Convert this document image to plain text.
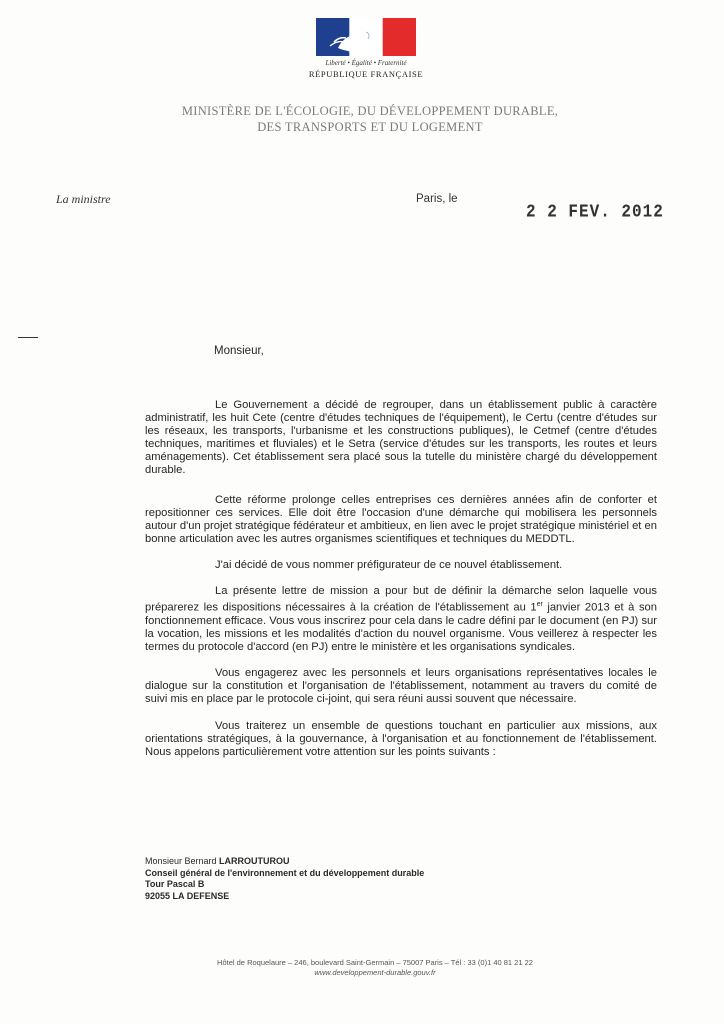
Liberté • Égalité • Fraternité
RÉPUBLIQUE FRANÇAISE
MINISTÈRE DE L'ÉCOLOGIE, DU DÉVELOPPEMENT DURABLE,
DES TRANSPORTS ET DU LOGEMENT
La ministre	Paris, le
2 2 FEV. 2012
Monsieur,

Le Gouvernement a décidé de regrouper, dans un établissement public à caractère administratif, les huit Cete (centre d'études techniques de l'équipement), le Certu (centre d'études sur les réseaux, les transports, l'urbanisme et les constructions publiques), le Cetmef (centre d'études techniques, maritimes et fluviales) et le Setra (service d'études sur les transports, les routes et leurs aménagements). Cet établissement sera placé sous la tutelle du ministère chargé du développement durable.

Cette réforme prolonge celles entreprises ces dernières années afin de conforter et repositionner ces services. Elle doit être l'occasion d'une démarche qui mobilisera les personnels autour d'un projet stratégique fédérateur et ambitieux, en lien avec le projet stratégique ministériel et en bonne articulation avec les autres organismes scientifiques et techniques du MEDDTL.

J'ai décidé de vous nommer préfigurateur de ce nouvel établissement.

La présente lettre de mission a pour but de définir la démarche selon laquelle vous préparerez les dispositions nécessaires à la création de l'établissement au 1er janvier 2013 et à son fonctionnement efficace. Vous vous inscrirez pour cela dans le cadre défini par le document (en PJ) sur la vocation, les missions et les modalités d'action du nouvel organisme. Vous veillerez à respecter les termes du protocole d'accord (en PJ) entre le ministère et les organisations syndicales.

Vous engagerez avec les personnels et leurs organisations représentatives locales le dialogue sur la constitution et l'organisation de l'établissement, notamment au travers du comité de suivi mis en place par le protocole ci-joint, qui sera réuni aussi souvent que nécessaire.

Vous traiterez un ensemble de questions touchant en particulier aux missions, aux orientations stratégiques, à la gouvernance, à l'organisation et au fonctionnement de l'établissement. Nous appelons particulièrement votre attention sur les points suivants :

Monsieur Bernard LARROUTUROU
Conseil général de l'environnement et du développement durable
Tour Pascal B
92055 LA DEFENSE
Hôtel de Roquelaure – 246, boulevard Saint-Germain – 75007 Paris – Tél : 33 (0)1 40 81 21 22
www.developpement-durable.gouv.fr
